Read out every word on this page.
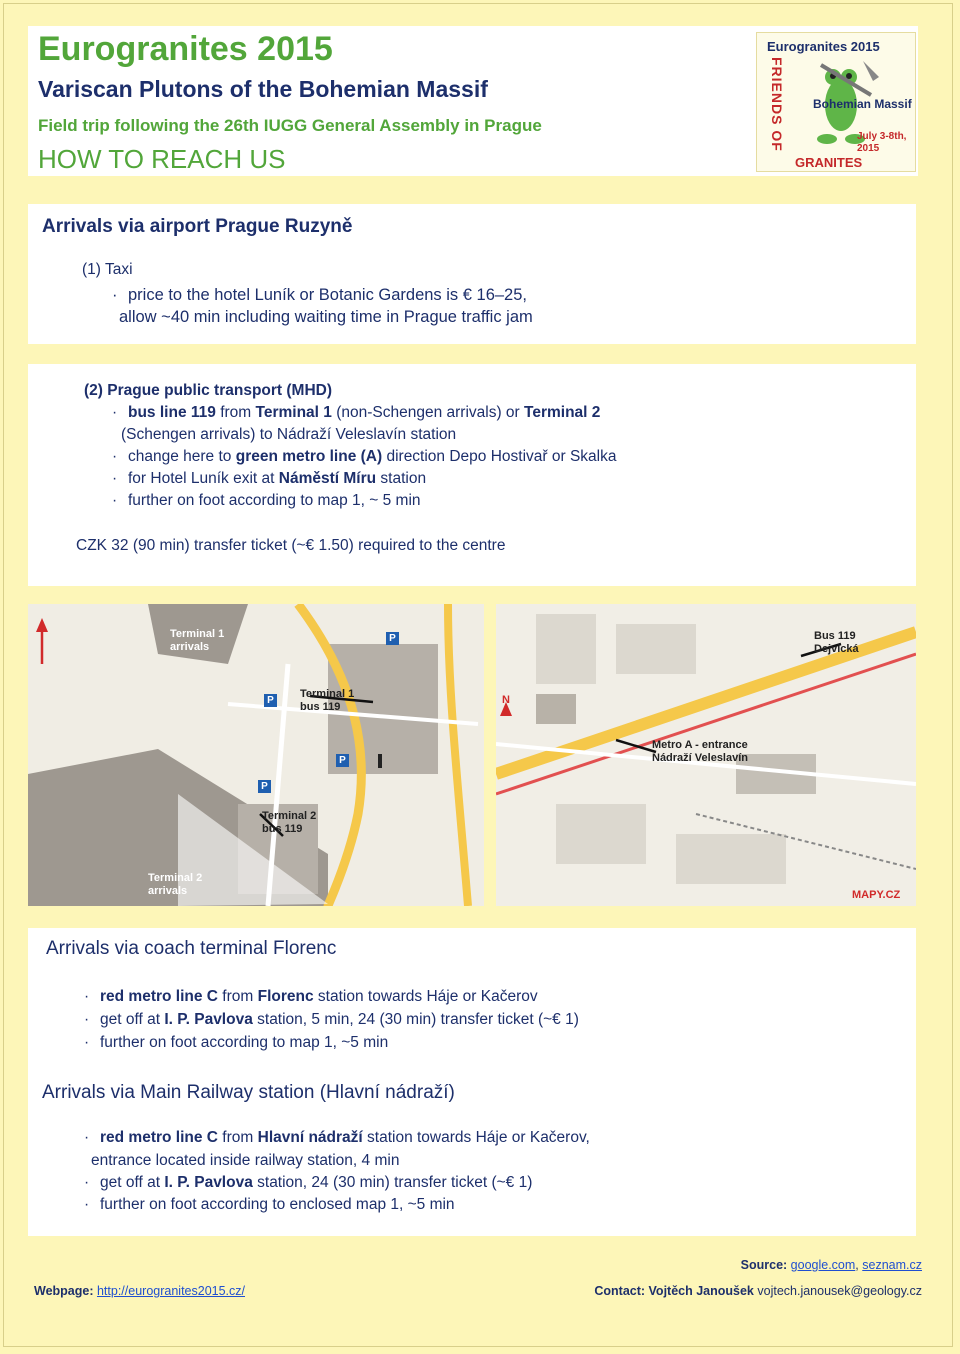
Eurogranites 2015
Variscan Plutons of the Bohemian Massif
Field trip following the 26th IUGG General Assembly in Prague
HOW TO REACH US
Eurogranites 2015
FRIENDS OF Bohemian Massif
July 3-8th,
2015
GRANITES
Arrivals via airport Prague Ruzyně
(1) Taxi
· price to the hotel Luník or Botanic Gardens is € 16–25,
allow ~40 min including waiting time in Prague traffic jam
(2) Prague public transport (MHD)
· bus line 119 from Terminal 1 (non-Schengen arrivals) or Terminal 2
(Schengen arrivals) to Nádraží Veleslavín station
· change here to green metro line (A) direction Depo Hostivař or Skalka
· for Hotel Luník exit at Náměstí Míru station
· further on foot according to map 1, ~ 5 min
CZK 32 (90 min) transfer ticket (~€ 1.50) required to the centre
Terminal 1
arrivals
Terminal 1
bus 119
Terminal 2
bus 119
Terminal 2
arrivals
P
P
P
P
Bus 119
Dejvická
Metro A - entrance
Nádraží Veleslavín
N
MAPY.CZ
Arrivals via coach terminal Florenc
· red metro line C from Florenc station towards Háje or Kačerov
· get off at I. P. Pavlova station, 5 min, 24 (30 min) transfer ticket (~€ 1)
· further on foot according to map 1, ~5 min
Arrivals via Main Railway station (Hlavní nádraží)
· red metro line C from Hlavní nádraží station towards Háje or Kačerov,
entrance located inside railway station, 4 min
· get off at I. P. Pavlova station, 24 (30 min) transfer ticket (~€ 1)
· further on foot according to enclosed map 1, ~5 min
Source: google.com, seznam.cz
Webpage: http://eurogranites2015.cz/	Contact: Vojtěch Janoušek vojtech.janousek@geology.cz
